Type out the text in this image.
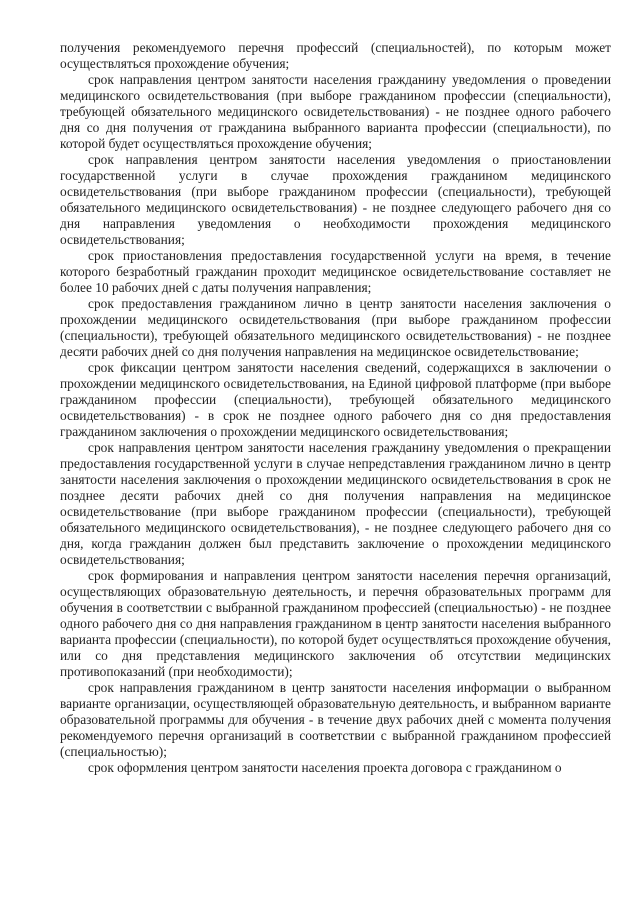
получения рекомендуемого перечня профессий (специальностей), по которым может осуществляться прохождение обучения;

срок направления центром занятости населения гражданину уведомления о проведении медицинского освидетельствования (при выборе гражданином профессии (специальности), требующей обязательного медицинского освидетельствования) - не позднее одного рабочего дня со дня получения от гражданина выбранного варианта профессии (специальности), по которой будет осуществляться прохождение обучения;

срок направления центром занятости населения уведомления о приостановлении государственной услуги в случае прохождения гражданином медицинского освидетельствования (при выборе гражданином профессии (специальности), требующей обязательного медицинского освидетельствования) - не позднее следующего рабочего дня со дня направления уведомления о необходимости прохождения медицинского освидетельствования;

срок приостановления предоставления государственной услуги на время, в течение которого безработный гражданин проходит медицинское освидетельствование составляет не более 10 рабочих дней с даты получения направления;

срок предоставления гражданином лично в центр занятости населения заключения о прохождении медицинского освидетельствования (при выборе гражданином профессии (специальности), требующей обязательного медицинского освидетельствования) - не позднее десяти рабочих дней со дня получения направления на медицинское освидетельствование;

срок фиксации центром занятости населения сведений, содержащихся в заключении о прохождении медицинского освидетельствования, на Единой цифровой платформе (при выборе гражданином профессии (специальности), требующей обязательного медицинского освидетельствования) - в срок не позднее одного рабочего дня со дня предоставления гражданином заключения о прохождении медицинского освидетельствования;

срок направления центром занятости населения гражданину уведомления о прекращении предоставления государственной услуги в случае непредставления гражданином лично в центр занятости населения заключения о прохождении медицинского освидетельствования в срок не позднее десяти рабочих дней со дня получения направления на медицинское освидетельствование (при выборе гражданином профессии (специальности), требующей обязательного медицинского освидетельствования), - не позднее следующего рабочего дня со дня, когда гражданин должен был представить заключение о прохождении медицинского освидетельствования;

срок формирования и направления центром занятости населения перечня организаций, осуществляющих образовательную деятельность, и перечня образовательных программ для обучения в соответствии с выбранной гражданином профессией (специальностью) - не позднее одного рабочего дня со дня направления гражданином в центр занятости населения выбранного варианта профессии (специальности), по которой будет осуществляться прохождение обучения, или со дня представления медицинского заключения об отсутствии медицинских противопоказаний (при необходимости);

срок направления гражданином в центр занятости населения информации о выбранном варианте организации, осуществляющей образовательную деятельность, и выбранном варианте образовательной программы для обучения - в течение двух рабочих дней с момента получения рекомендуемого перечня организаций в соответствии с выбранной гражданином профессией (специальностью);

срок оформления центром занятости населения проекта договора с гражданином о
